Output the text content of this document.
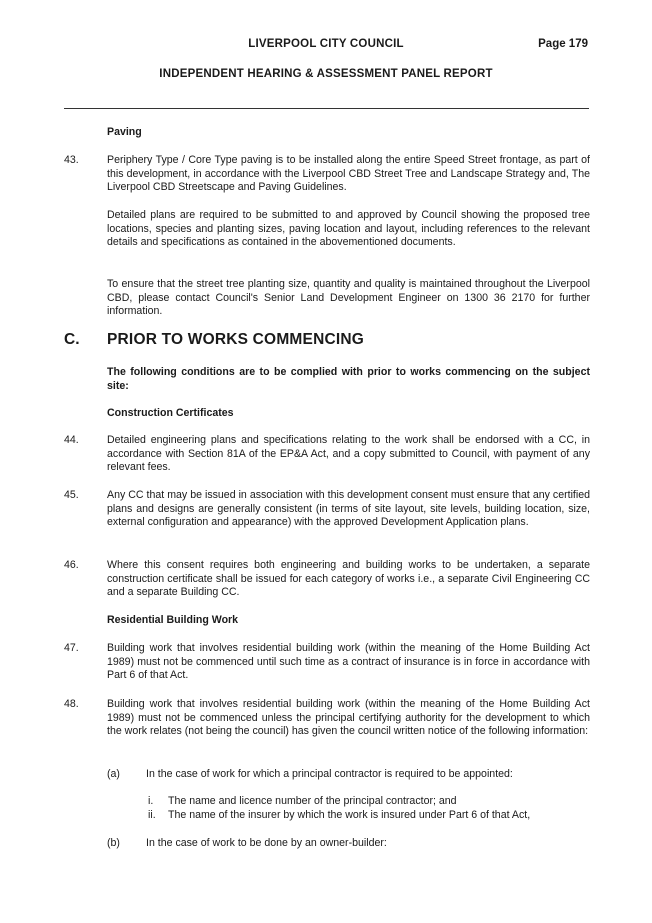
LIVERPOOL CITY COUNCIL	Page 179
INDEPENDENT HEARING & ASSESSMENT PANEL REPORT
Paving
43.	Periphery Type / Core Type paving is to be installed along the entire Speed Street frontage, as part of this development, in accordance with the Liverpool CBD Street Tree and Landscape Strategy and, The Liverpool CBD Streetscape and Paving Guidelines.
Detailed plans are required to be submitted to and approved by Council showing the proposed tree locations, species and planting sizes, paving location and layout, including references to the relevant details and specifications as contained in the abovementioned documents.
To ensure that the street tree planting size, quantity and quality is maintained throughout the Liverpool CBD, please contact Council's Senior Land Development Engineer on 1300 36 2170 for further information.
C. PRIOR TO WORKS COMMENCING
The following conditions are to be complied with prior to works commencing on the subject site:
Construction Certificates
44.	Detailed engineering plans and specifications relating to the work shall be endorsed with a CC, in accordance with Section 81A of the EP&A Act, and a copy submitted to Council, with payment of any relevant fees.
45.	Any CC that may be issued in association with this development consent must ensure that any certified plans and designs are generally consistent (in terms of site layout, site levels, building location, size, external configuration and appearance) with the approved Development Application plans.
46.	Where this consent requires both engineering and building works to be undertaken, a separate construction certificate shall be issued for each category of works i.e., a separate Civil Engineering CC and a separate Building CC.
Residential Building Work
47.	Building work that involves residential building work (within the meaning of the Home Building Act 1989) must not be commenced until such time as a contract of insurance is in force in accordance with Part 6 of that Act.
48.	Building work that involves residential building work (within the meaning of the Home Building Act 1989) must not be commenced unless the principal certifying authority for the development to which the work relates (not being the council) has given the council written notice of the following information:
(a) In the case of work for which a principal contractor is required to be appointed:
i. The name and licence number of the principal contractor; and
ii. The name of the insurer by which the work is insured under Part 6 of that Act,
(b) In the case of work to be done by an owner-builder:
